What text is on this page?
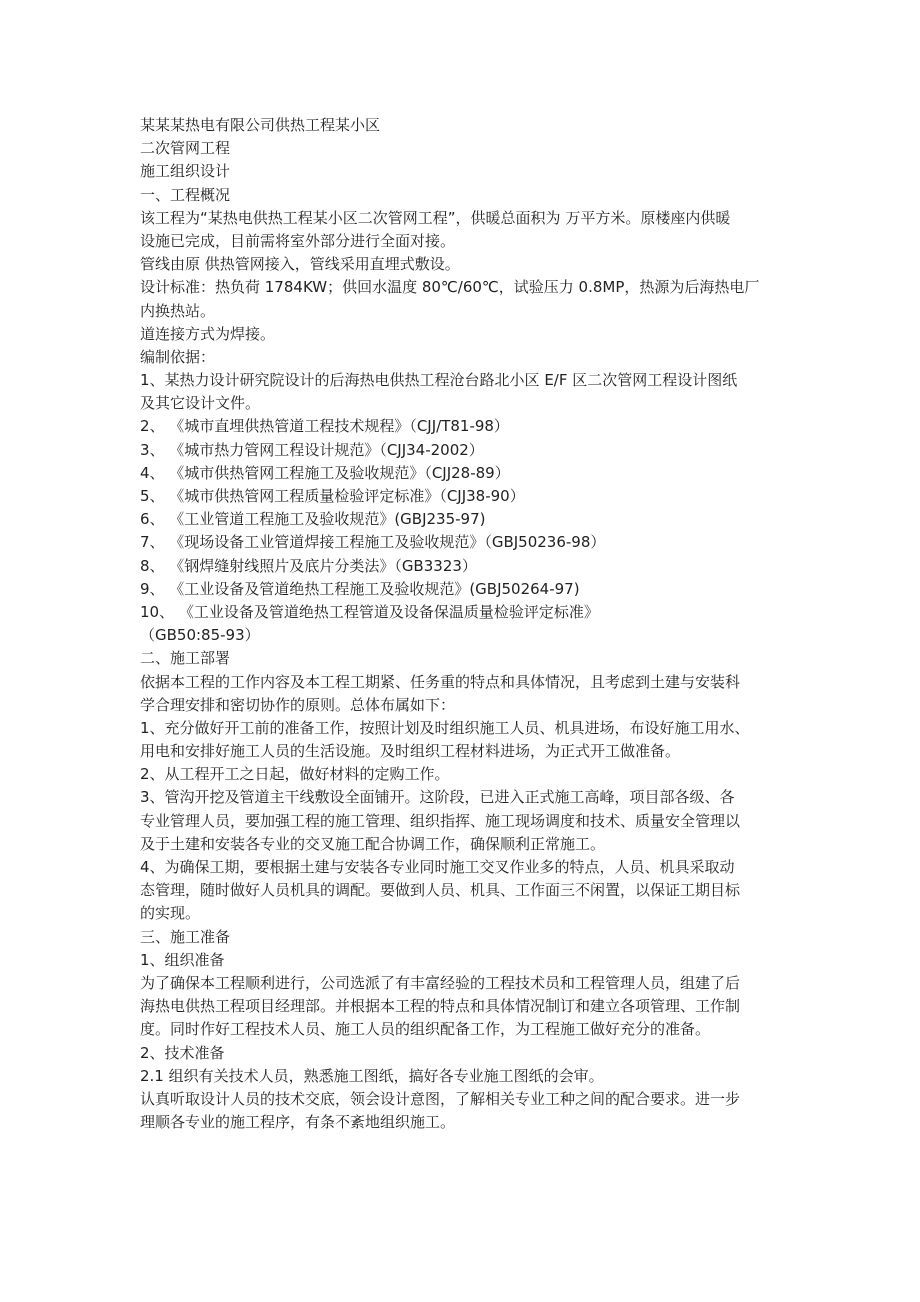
某某某热电有限公司供热工程某小区
二次管网工程
施工组织设计
一、工程概况
该工程为“某热电供热工程某小区二次管网工程”，供暖总面积为 万平方米。原楼座内供暖
设施已完成，目前需将室外部分进行全面对接。
管线由原 供热管网接入，管线采用直埋式敷设。
设计标准：热负荷 1784KW；供回水温度 80℃/60℃，试验压力 0.8MP，热源为后海热电厂
内换热站。
道连接方式为焊接。
编制依据：
1、某热力设计研究院设计的后海热电供热工程沧台路北小区 E/F 区二次管网工程设计图纸
及其它设计文件。
2、 《城市直埋供热管道工程技术规程》（CJJ/T81-98）
3、 《城市热力管网工程设计规范》（CJJ34-2002）
4、 《城市供热管网工程施工及验收规范》（CJJ28-89）
5、 《城市供热管网工程质量检验评定标准》（CJJ38-90）
6、 《工业管道工程施工及验收规范》(GBJ235-97)
7、 《现场设备工业管道焊接工程施工及验收规范》（GBJ50236-98）
8、 《钢焊缝射线照片及底片分类法》（GB3323）
9、 《工业设备及管道绝热工程施工及验收规范》(GBJ50264-97)
10、 《工业设备及管道绝热工程管道及设备保温质量检验评定标准》
（GB50:85-93）
二、施工部署
依据本工程的工作内容及本工程工期紧、任务重的特点和具体情况，且考虑到土建与安装科
学合理安排和密切协作的原则。总体布属如下：
1、充分做好开工前的准备工作，按照计划及时组织施工人员、机具进场，布设好施工用水、
用电和安排好施工人员的生活设施。及时组织工程材料进场，为正式开工做准备。
2、从工程开工之日起，做好材料的定购工作。
3、管沟开挖及管道主干线敷设全面铺开。这阶段，已进入正式施工高峰，项目部各级、各
专业管理人员，要加强工程的施工管理、组织指挥、施工现场调度和技术、质量安全管理以
及于土建和安装各专业的交叉施工配合协调工作，确保顺利正常施工。
4、为确保工期，要根据土建与安装各专业同时施工交叉作业多的特点，人员、机具采取动
态管理，随时做好人员机具的调配。要做到人员、机具、工作面三不闲置，以保证工期目标
的实现。
三、施工准备
1、组织准备
为了确保本工程顺利进行，公司选派了有丰富经验的工程技术员和工程管理人员，组建了后
海热电供热工程项目经理部。并根据本工程的特点和具体情况制订和建立各项管理、工作制
度。同时作好工程技术人员、施工人员的组织配备工作，为工程施工做好充分的准备。
2、技术准备
2.1 组织有关技术人员，熟悉施工图纸，搞好各专业施工图纸的会审。
认真听取设计人员的技术交底，领会设计意图，了解相关专业工种之间的配合要求。进一步
理顺各专业的施工程序，有条不紊地组织施工。
